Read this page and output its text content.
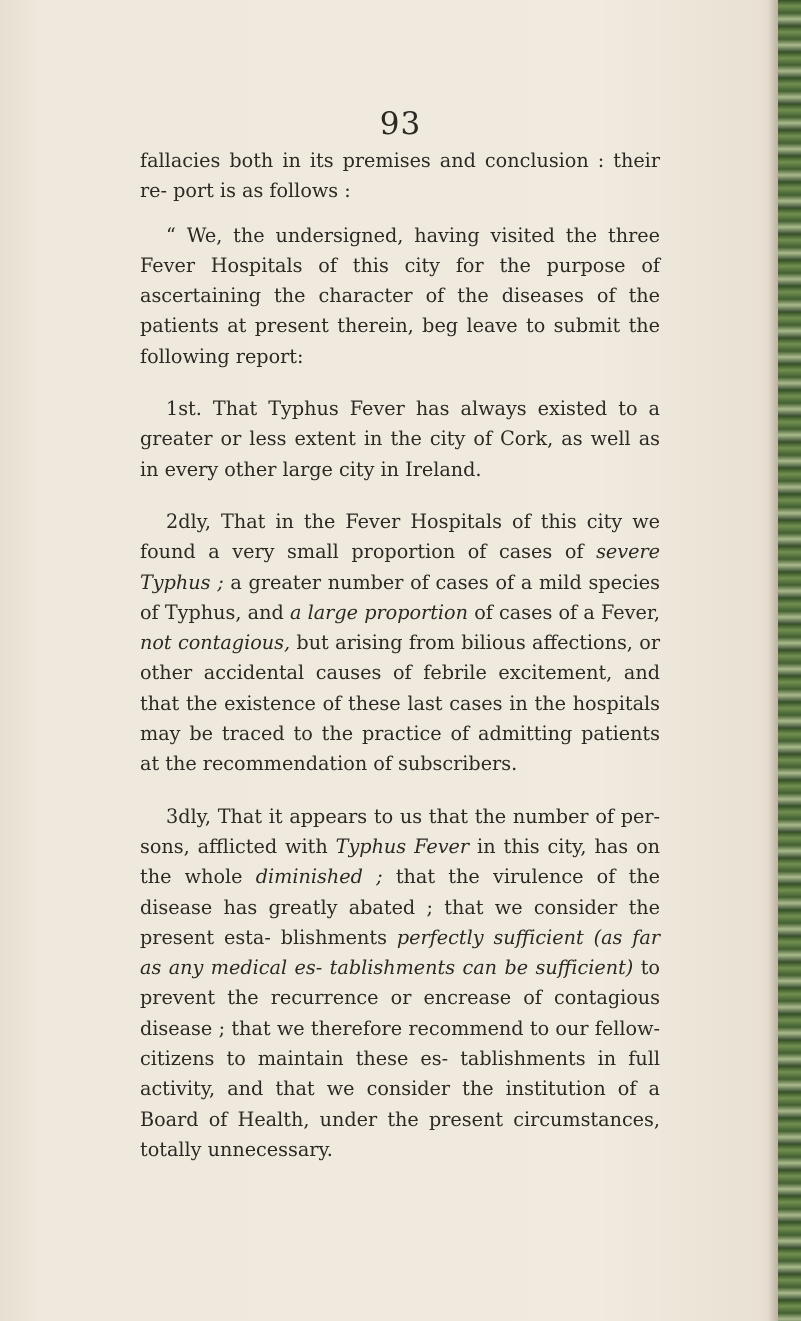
93

fallacies both in its premises and conclusion : their re- port is as follows :

“ We, the undersigned, having visited the three Fever Hospitals of this city for the purpose of ascertaining the character of the diseases of the patients at present therein, beg leave to submit the following report:

1st. That Typhus Fever has always existed to a greater or less extent in the city of Cork, as well as in every other large city in Ireland.

2dly, That in the Fever Hospitals of this city we found a very small proportion of cases of severe Typhus ; a greater number of cases of a mild species of Typhus, and a large proportion of cases of a Fever, not contagious, but arising from bilious affections, or other accidental causes of febrile excitement, and that the existence of these last cases in the hospitals may be traced to the practice of admitting patients at the recommendation of subscribers.

3dly, That it appears to us that the number of per- sons, afflicted with Typhus Fever in this city, has on the whole diminished ; that the virulence of the disease has greatly abated ; that we consider the present esta- blishments perfectly sufficient (as far as any medical es- tablishments can be sufficient) to prevent the recurrence or encrease of contagious disease ; that we therefore recommend to our fellow-citizens to maintain these es- tablishments in full activity, and that we consider the institution of a Board of Health, under the present circumstances, totally unnecessary.
